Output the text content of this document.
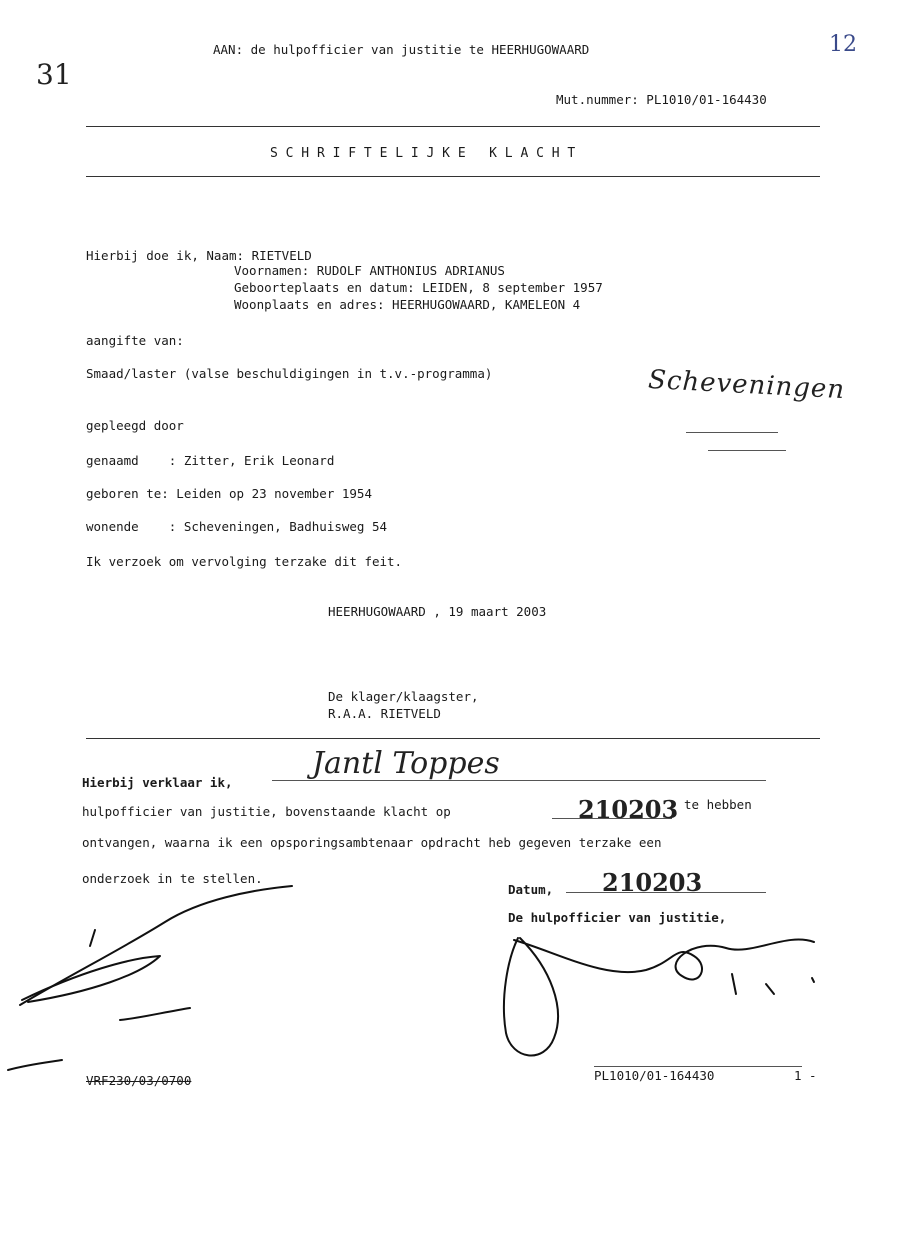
AAN: de hulpofficier van justitie te HEERHUGOWAARD
31
12
Mut.nummer: PL1010/01-164430
S C H R I F T E L I J K E   K L A C H T
Hierbij doe ik, Naam: RIETVELD
Voornamen: RUDOLF ANTHONIUS ADRIANUS
Geboorteplaats en datum: LEIDEN, 8 september 1957
Woonplaats en adres: HEERHUGOWAARD, KAMELEON 4
aangifte van:
Smaad/laster (valse beschuldigingen in t.v.-programma)	Scheveningen
gepleegd door
genaamd    : Zitter, Erik Leonard
geboren te: Leiden op 23 november 1954
wonende    : Scheveningen, Badhuisweg 54
Ik verzoek om vervolging terzake dit feit.
HEERHUGOWAARD , 19 maart 2003
De klager/klaagster,
R.A.A. RIETVELD
Hierbij verklaar ik,
Jantl Toppes
hulpofficier van justitie, bovenstaande klacht op	210203 te hebben
ontvangen, waarna ik een opsporingsambtenaar opdracht heb gegeven terzake een
onderzoek in te stellen.
Datum, 210203
De hulpofficier van justitie,
VRF230/03/0700	PL1010/01-164430	1 -
